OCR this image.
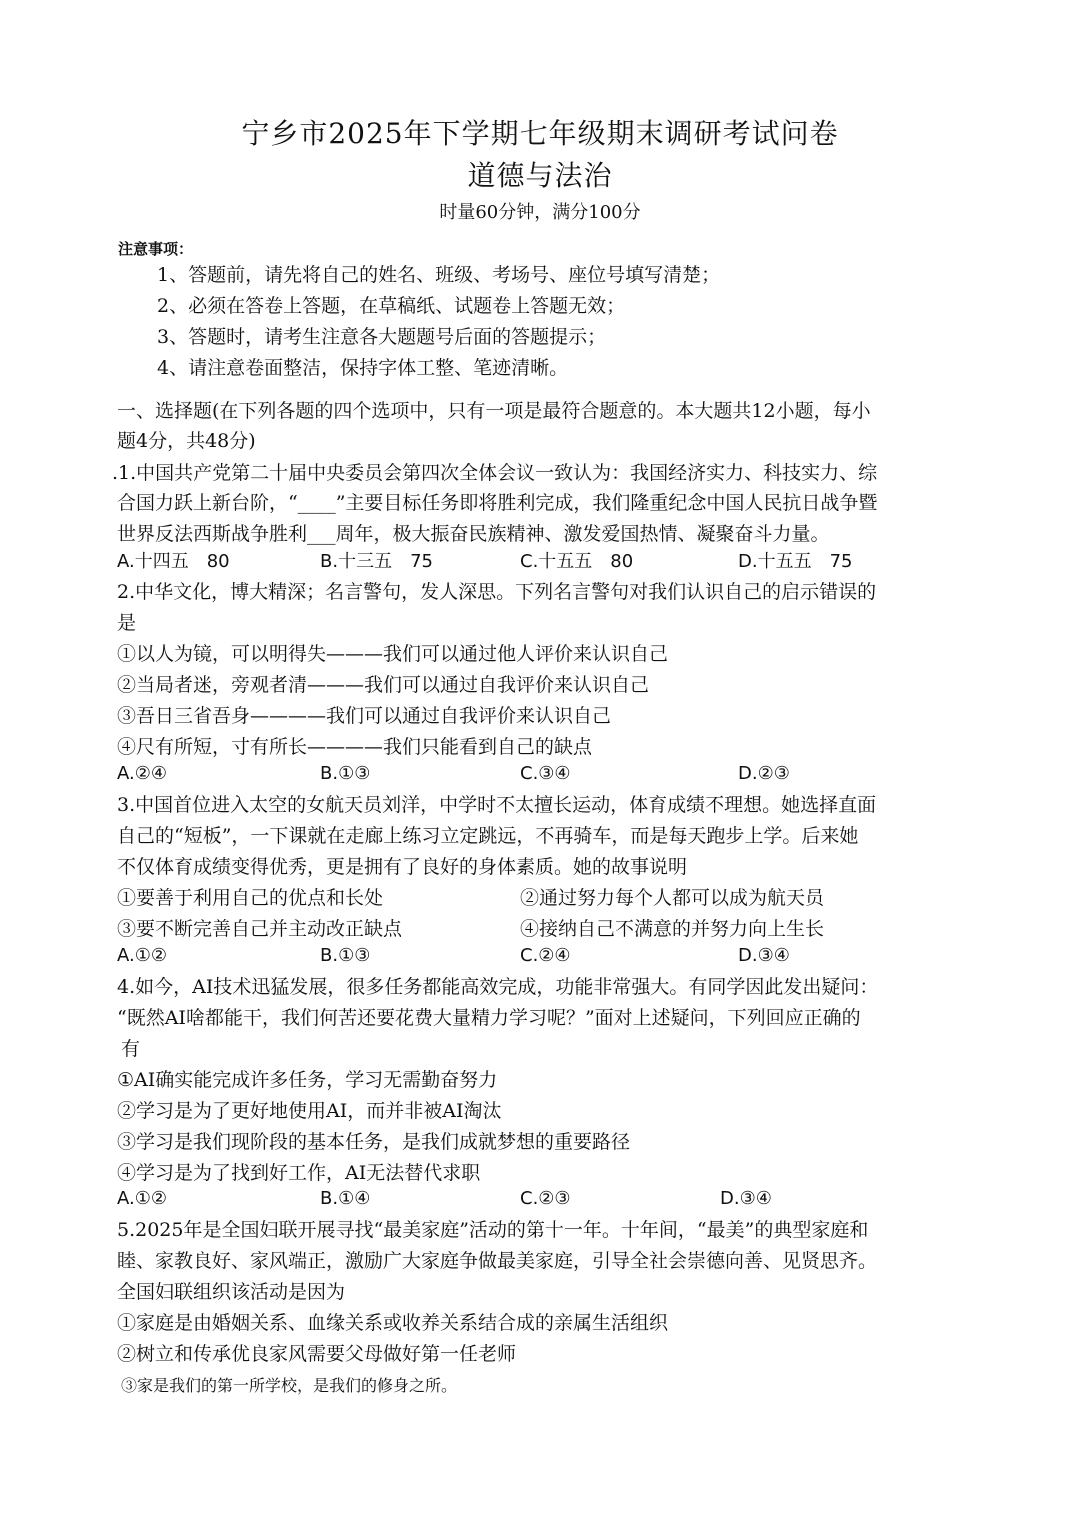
宁乡市2025年下学期七年级期末调研考试问卷
道德与法治
时量60分钟，满分100分
注意事项：
1、答题前，请先将自己的姓名、班级、考场号、座位号填写清楚；
2、必须在答卷上答题，在草稿纸、试题卷上答题无效；
3、答题时，请考生注意各大题题号后面的答题提示；
4、请注意卷面整洁，保持字体工整、笔迹清晰。
一、选择题(在下列各题的四个选项中，只有一项是最符合题意的。本大题共12小题，每小
题4分，共48分)
.1.中国共产党第二十届中央委员会第四次全体会议一致认为：我国经济实力、科技实力、综
合国力跃上新台阶，“____”主要目标任务即将胜利完成，我们隆重纪念中国人民抗日战争暨
世界反法西斯战争胜利___周年，极大振奋民族精神、激发爱国热情、凝聚奋斗力量。
A.十四五　80	B.十三五　75	C.十五五　80	D.十五五　75
2.中华文化，博大精深；名言警句，发人深思。下列名言警句对我们认识自己的启示错误的
是
①以人为镜，可以明得失———我们可以通过他人评价来认识自己
②当局者迷，旁观者清———我们可以通过自我评价来认识自己
③吾日三省吾身————我们可以通过自我评价来认识自己
④尺有所短，寸有所长————我们只能看到自己的缺点
A.②④	B.①③	C.③④	D.②③
3.中国首位进入太空的女航天员刘洋，中学时不太擅长运动，体育成绩不理想。她选择直面
自己的“短板”，一下课就在走廊上练习立定跳远，不再骑车，而是每天跑步上学。后来她
不仅体育成绩变得优秀，更是拥有了良好的身体素质。她的故事说明
①要善于利用自己的优点和长处	②通过努力每个人都可以成为航天员
③要不断完善自己并主动改正缺点	④接纳自己不满意的并努力向上生长
A.①②	B.①③	C.②④	D.③④
4.如今，AI技术迅猛发展，很多任务都能高效完成，功能非常强大。有同学因此发出疑问：
“既然AI啥都能干，我们何苦还要花费大量精力学习呢？”面对上述疑问，下列回应正确的
有
①AI确实能完成许多任务，学习无需勤奋努力
②学习是为了更好地使用AI，而并非被AI淘汰
③学习是我们现阶段的基本任务，是我们成就梦想的重要路径
④学习是为了找到好工作，AI无法替代求职
A.①②	B.①④	C.②③	D.③④
5.2025年是全国妇联开展寻找“最美家庭”活动的第十一年。十年间，“最美”的典型家庭和
睦、家教良好、家风端正，激励广大家庭争做最美家庭，引导全社会崇德向善、见贤思齐。
全国妇联组织该活动是因为
①家庭是由婚姻关系、血缘关系或收养关系结合成的亲属生活组织
②树立和传承优良家风需要父母做好第一任老师
③家是我们的第一所学校，是我们的修身之所。
